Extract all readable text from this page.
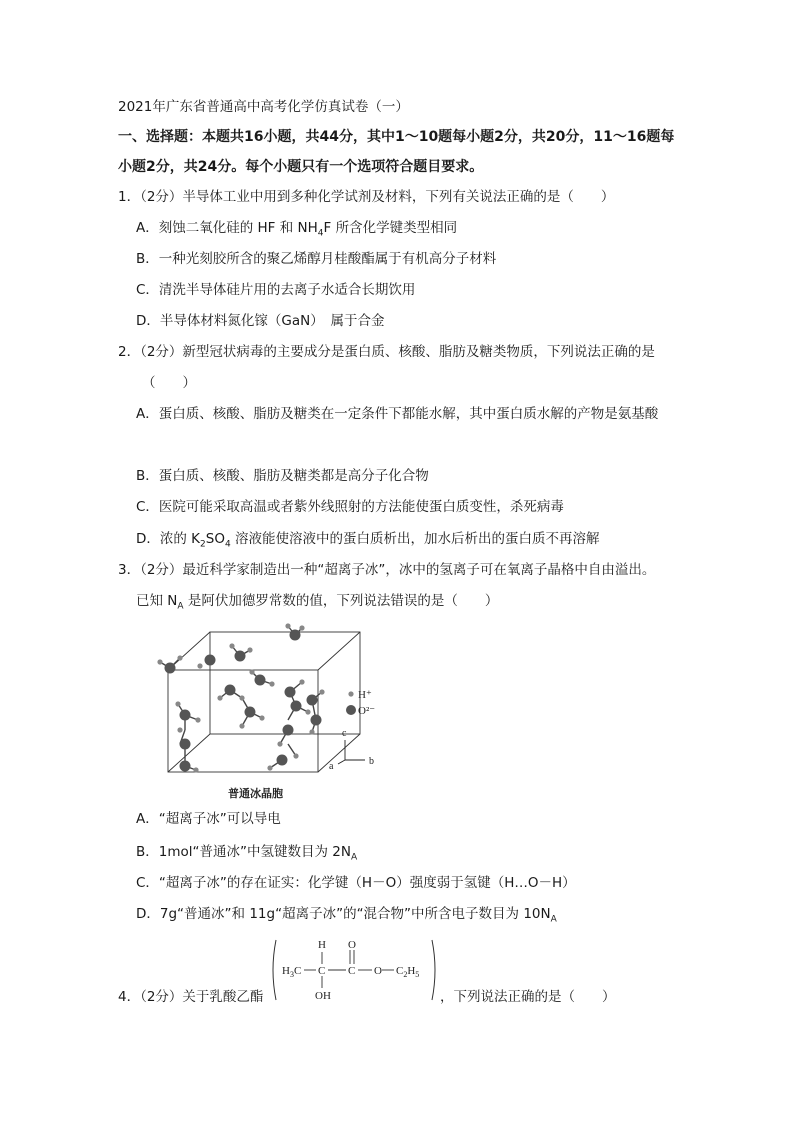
2021年广东省普通高中高考化学仿真试卷（一）
一、选择题：本题共16小题，共44分，其中1～10题每小题2分，共20分，11～16题每
小题2分，共24分。每个小题只有一个选项符合题目要求。
1．（2分）半导体工业中用到多种化学试剂及材料，下列有关说法正确的是（　　）
A．刻蚀二氧化硅的 HF 和 $NH_4F$ 所含化学键类型相同
B．一种光刻胶所含的聚乙烯醇月桂酸酯属于有机高分子材料
C．清洗半导体硅片用的去离子水适合长期饮用
D．半导体材料氮化镓（GaN）　属于合金
2．（2分）新型冠状病毒的主要成分是蛋白质、核酸、脂肪及糖类物质，下列说法正确的是
（　　）
A．蛋白质、核酸、脂肪及糖类在一定条件下都能水解，其中蛋白质水解的产物是氨基酸
B．蛋白质、核酸、脂肪及糖类都是高分子化合物
C．医院可能采取高温或者紫外线照射的方法能使蛋白质变性，杀死病毒
D．浓的 $K_2SO_4$ 溶液能使溶液中的蛋白质析出，加水后析出的蛋白质不再溶解
3．（2分）最近科学家制造出一种“超离子冰”，冰中的氢离子可在氧离子晶格中自由溢出。
已知 $N_A$ 是阿伏加德罗常数的值，下列说法错误的是（　　）
H⁺
O²⁻
c
a	b
普通冰晶胞
A．“超离子冰”可以导电
B．1mol“普通冰”中氢键数目为 $2N_A$
C．“超离子冰”的存在证实：化学键（H－O）强度弱于氢键（H…O－H）
D．7g“普通冰”和 11g“超离子冰”的“混合物”中所含电子数目为 $10N_A$
4．（2分）关于乳酸乙酯	，下列说法正确的是（　　）
H O
$H_3C$ C C O $C_2H_5$
OH
